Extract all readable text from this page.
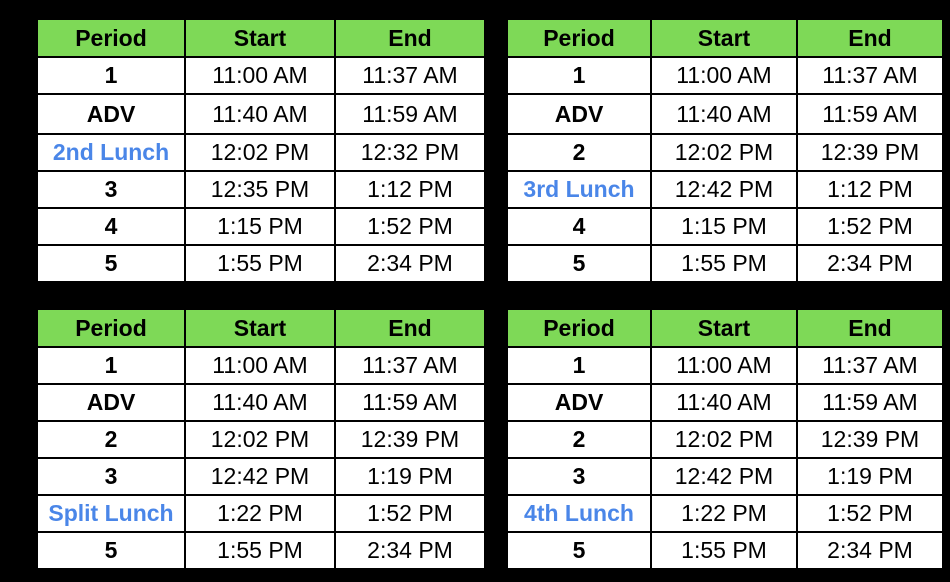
Period	Start	End
1	11:00 AM	11:37 AM
ADV	11:40 AM	11:59 AM
2nd Lunch	12:02 PM	12:32 PM
3	12:35 PM	1:12 PM
4	1:15 PM	1:52 PM
5	1:55 PM	2:34 PM
Period	Start	End
1	11:00 AM	11:37 AM
ADV	11:40 AM	11:59 AM
2	12:02 PM	12:39 PM
3rd Lunch	12:42 PM	1:12 PM
4	1:15 PM	1:52 PM
5	1:55 PM	2:34 PM
Period	Start	End
1	11:00 AM	11:37 AM
ADV	11:40 AM	11:59 AM
2	12:02 PM	12:39 PM
3	12:42 PM	1:19 PM
Split Lunch	1:22 PM	1:52 PM
5	1:55 PM	2:34 PM
Period	Start	End
1	11:00 AM	11:37 AM
ADV	11:40 AM	11:59 AM
2	12:02 PM	12:39 PM
3	12:42 PM	1:19 PM
4th Lunch	1:22 PM	1:52 PM
5	1:55 PM	2:34 PM
